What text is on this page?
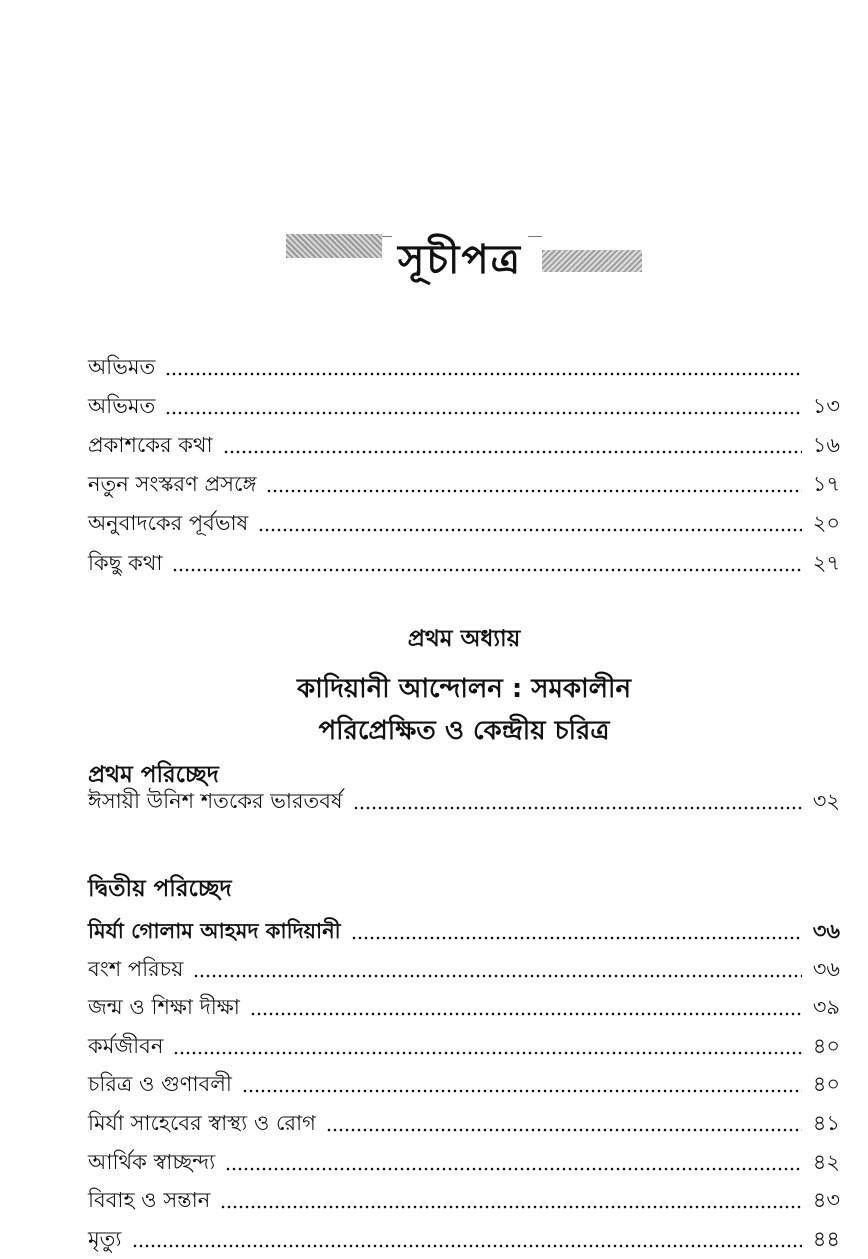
সূচীপত্র
অভিমত
অভিমত	১৩
প্রকাশকের কথা	১৬
নতুন সংস্করণ প্রসঙ্গে	১৭
অনুবাদকের পূর্বভাষ	২০
কিছু কথা	২৭
প্রথম অধ্যায়
কাদিয়ানী আন্দোলন : সমকালীন
পরিপ্রেক্ষিত ও কেন্দ্রীয় চরিত্র
প্রথম পরিচ্ছেদ
ঈসায়ী উনিশ শতকের ভারতবর্ষ	৩২
দ্বিতীয় পরিচ্ছেদ
মির্যা গোলাম আহমদ কাদিয়ানী	৩৬
বংশ পরিচয়	৩৬
জন্ম ও শিক্ষা দীক্ষা	৩৯
কর্মজীবন	৪০
চরিত্র ও গুণাবলী	৪০
মির্যা সাহেবের স্বাস্থ্য ও রোগ	৪১
আর্থিক স্বাচ্ছন্দ্য	৪২
বিবাহ ও সন্তান	৪৩
মৃত্যু	৪৪
